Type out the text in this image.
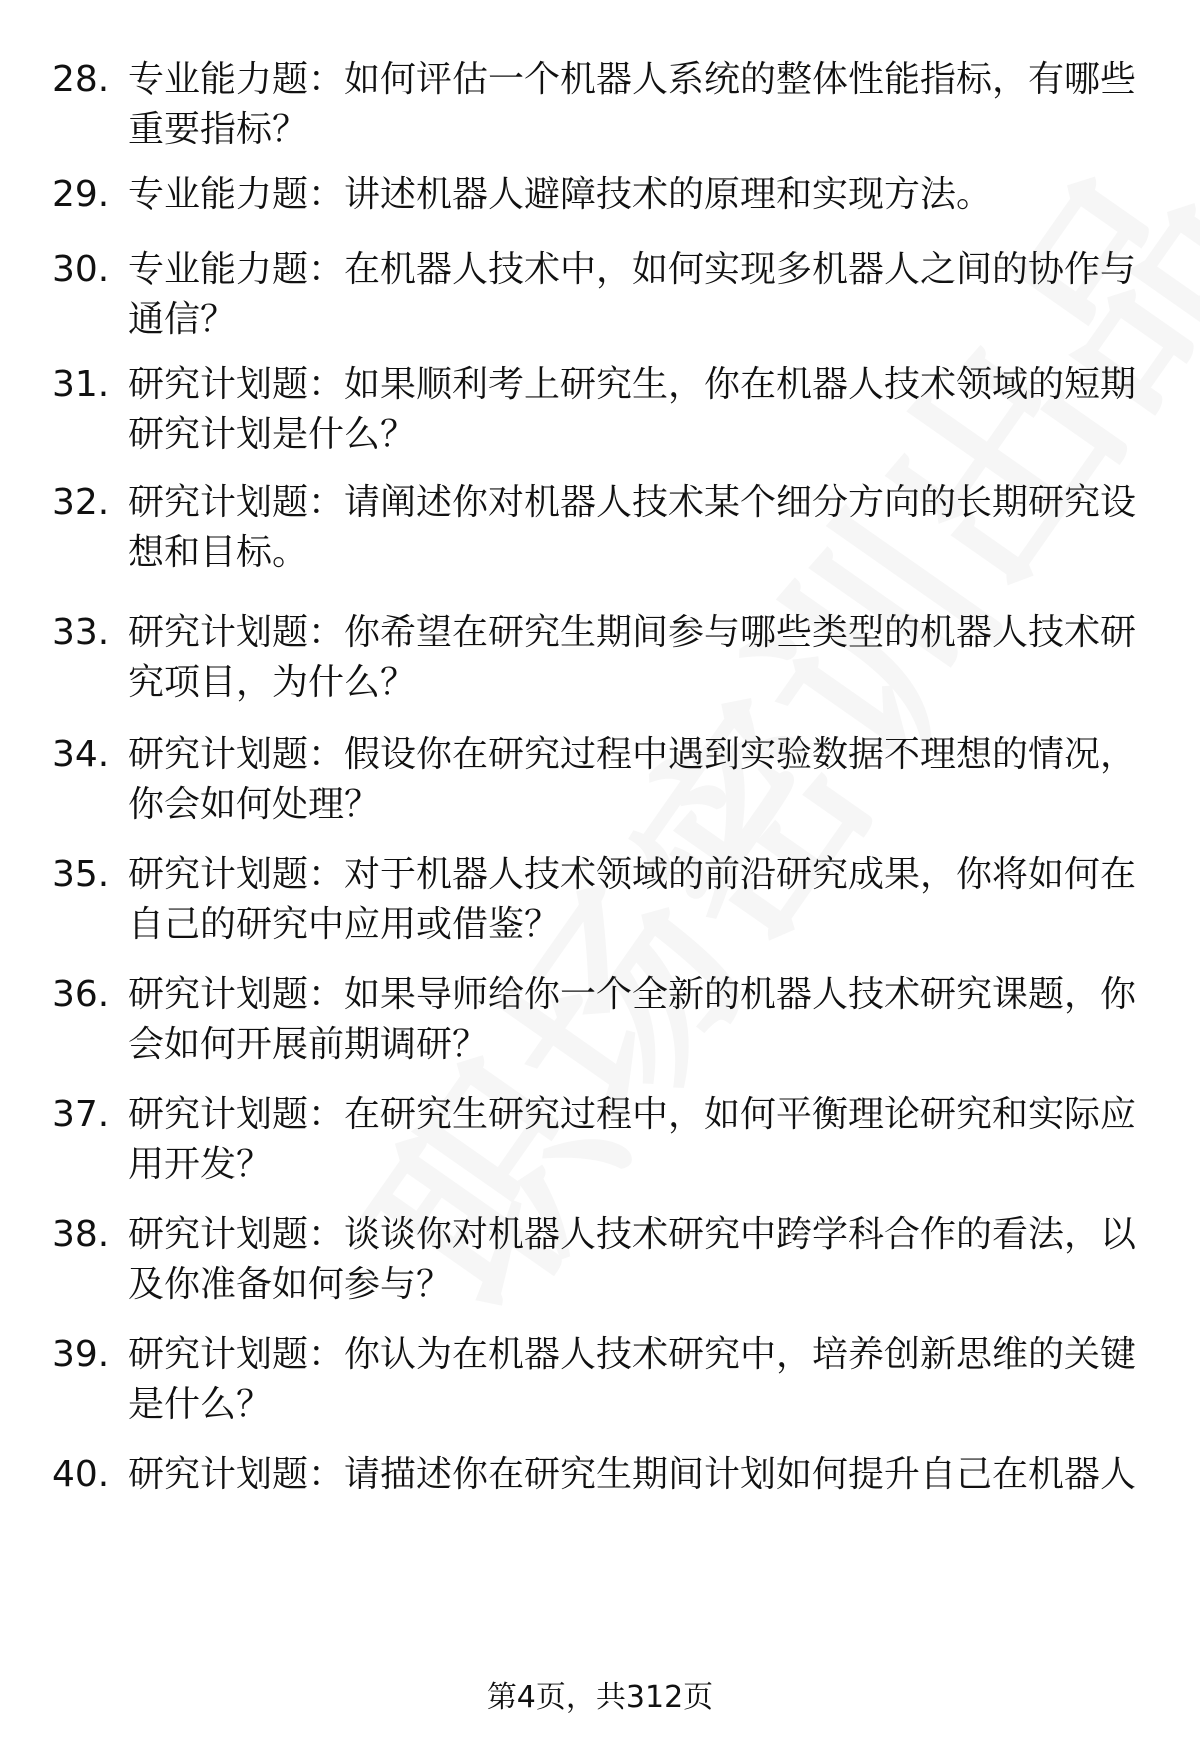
28. 专业能力题：如何评估一个机器人系统的整体性能指标，有哪些重要指标？
29. 专业能力题：讲述机器人避障技术的原理和实现方法。
30. 专业能力题：在机器人技术中，如何实现多机器人之间的协作与通信？
31. 研究计划题：如果顺利考上研究生，你在机器人技术领域的短期研究计划是什么？
32. 研究计划题：请阐述你对机器人技术某个细分方向的长期研究设想和目标。
33. 研究计划题：你希望在研究生期间参与哪些类型的机器人技术研究项目，为什么？
34. 研究计划题：假设你在研究过程中遇到实验数据不理想的情况，你会如何处理？
35. 研究计划题：对于机器人技术领域的前沿研究成果，你将如何在自己的研究中应用或借鉴？
36. 研究计划题：如果导师给你一个全新的机器人技术研究课题，你会如何开展前期调研？
37. 研究计划题：在研究生研究过程中，如何平衡理论研究和实际应用开发？
38. 研究计划题：谈谈你对机器人技术研究中跨学科合作的看法，以及你准备如何参与？
39. 研究计划题：你认为在机器人技术研究中，培养创新思维的关键是什么？
40. 研究计划题：请描述你在研究生期间计划如何提升自己在机器人
第4页，共312页
